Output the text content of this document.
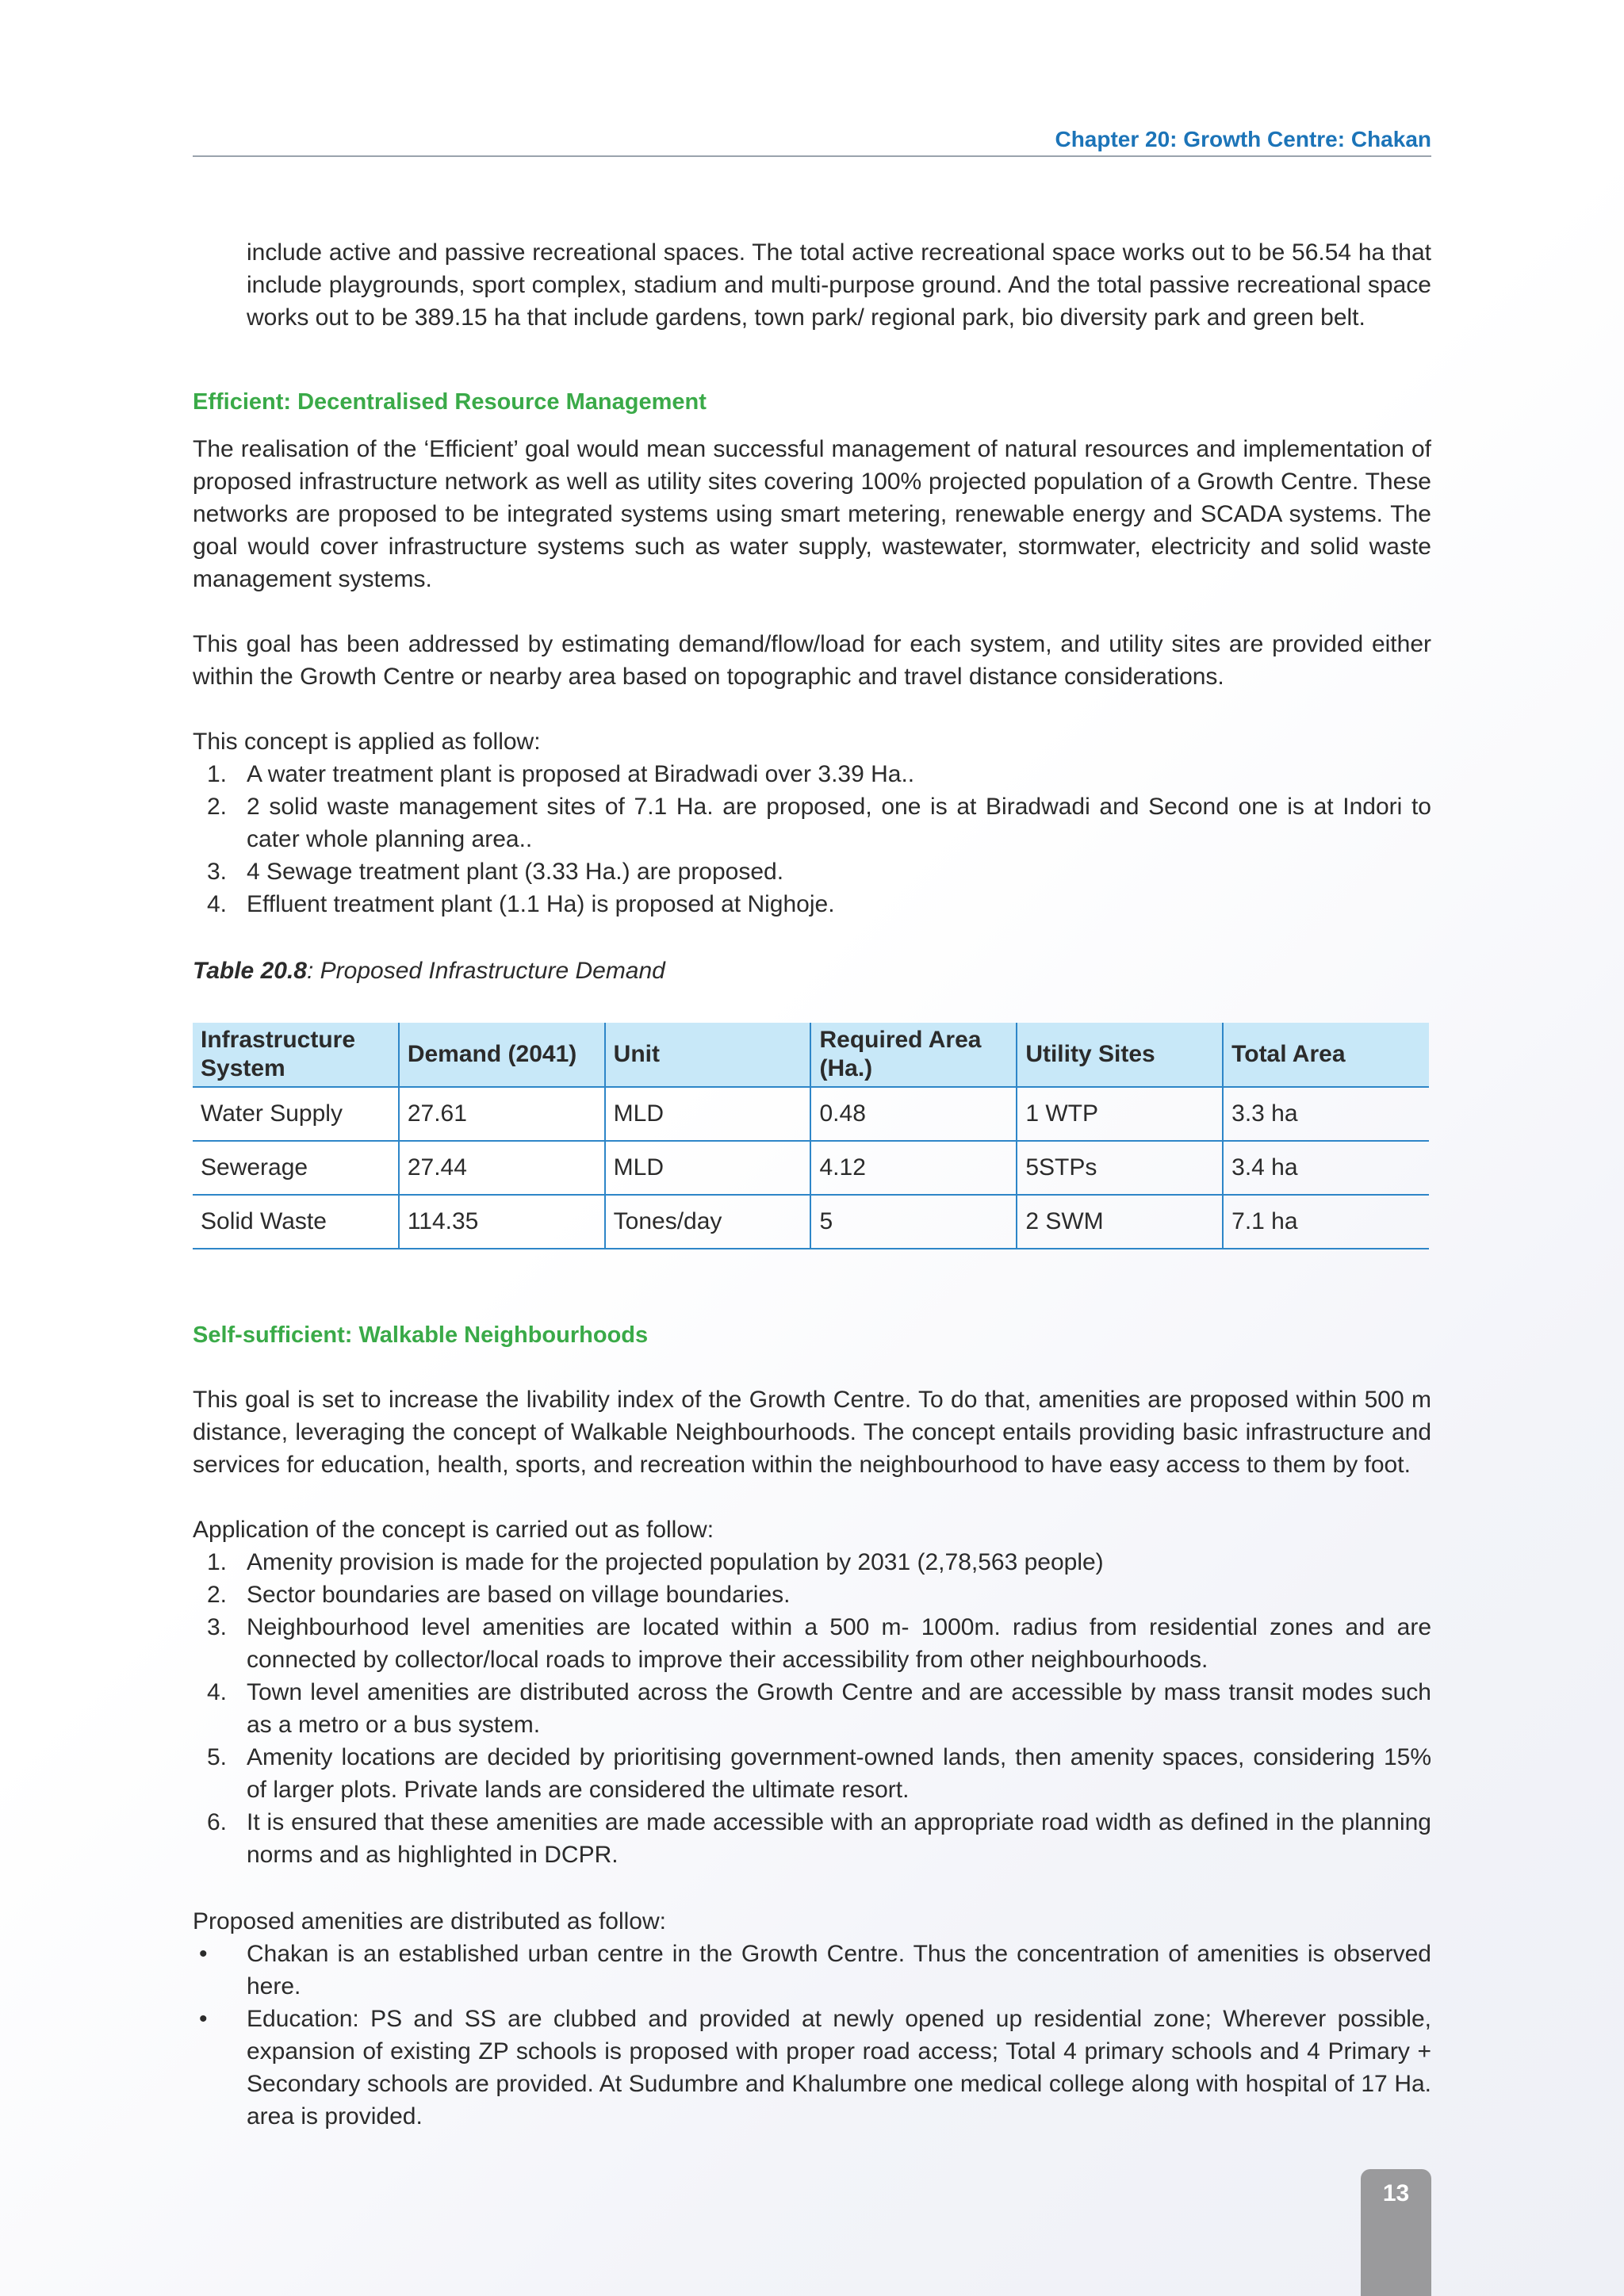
Chapter 20: Growth Centre: Chakan
include active and passive recreational spaces. The total active recreational space works out to be 56.54 ha that include playgrounds, sport complex, stadium and multi-purpose ground. And the total passive recreational space works out to be 389.15 ha that include gardens, town park/ regional park, bio diversity park and green belt.
Efficient: Decentralised Resource Management
The realisation of the ‘Efficient’ goal would mean successful management of natural resources and implementation of proposed infrastructure network as well as utility sites covering 100% projected population of a Growth Centre. These networks are proposed to be integrated systems using smart metering, renewable energy and SCADA systems. The goal would cover infrastructure systems such as water supply, wastewater, stormwater, electricity and solid waste management systems.
This goal has been addressed by estimating demand/flow/load for each system, and utility sites are provided either within the Growth Centre or nearby area based on topographic and travel distance considerations.
This concept is applied as follow:
1. A water treatment plant is proposed at Biradwadi over 3.39 Ha..
2. 2 solid waste management sites of 7.1 Ha. are proposed, one is at Biradwadi and Second one is at Indori to cater whole planning area..
3. 4 Sewage treatment plant (3.33 Ha.) are proposed.
4. Effluent treatment plant (1.1 Ha) is proposed at Nighoje.
Table 20.8: Proposed Infrastructure Demand
Infrastructure System	Demand (2041)	Unit	Required Area (Ha.)	Utility Sites	Total Area
Water Supply	27.61	MLD	0.48	1 WTP	3.3 ha
Sewerage	27.44	MLD	4.12	5STPs	3.4 ha
Solid Waste	114.35	Tones/day	5	2 SWM	7.1 ha
Self-sufficient: Walkable Neighbourhoods
This goal is set to increase the livability index of the Growth Centre. To do that, amenities are proposed within 500 m distance, leveraging the concept of Walkable Neighbourhoods. The concept entails providing basic infrastructure and services for education, health, sports, and recreation within the neighbourhood to have easy access to them by foot.
Application of the concept is carried out as follow:
1. Amenity provision is made for the projected population by 2031 (2,78,563 people)
2. Sector boundaries are based on village boundaries.
3. Neighbourhood level amenities are located within a 500 m- 1000m. radius from residential zones and are connected by collector/local roads to improve their accessibility from other neighbourhoods.
4. Town level amenities are distributed across the Growth Centre and are accessible by mass transit modes such as a metro or a bus system.
5. Amenity locations are decided by prioritising government-owned lands, then amenity spaces, considering 15% of larger plots. Private lands are considered the ultimate resort.
6. It is ensured that these amenities are made accessible with an appropriate road width as defined in the planning norms and as highlighted in DCPR.
Proposed amenities are distributed as follow:
• Chakan is an established urban centre in the Growth Centre. Thus the concentration of amenities is observed here.
• Education: PS and SS are clubbed and provided at newly opened up residential zone; Wherever possible, expansion of existing ZP schools is proposed with proper road access; Total 4 primary schools and 4 Primary + Secondary schools are provided. At Sudumbre and Khalumbre one medical college along with hospital of 17 Ha. area is provided.
13
